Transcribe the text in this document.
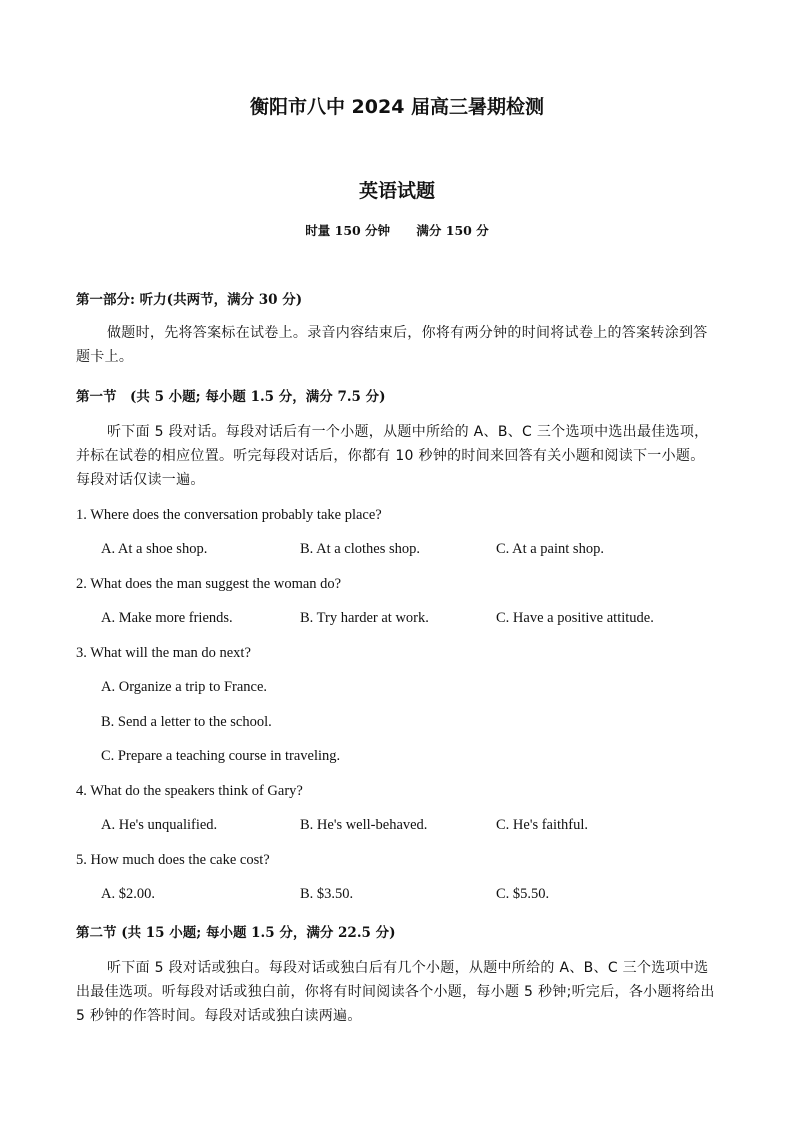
衡阳市八中 2024 届高三暑期检测
英语试题
时量 150 分钟 满分 150 分
第一部分: 听力(共两节，满分 30 分)
做题时，先将答案标在试卷上。录音内容结束后，你将有两分钟的时间将试卷上的答案转涂到答题卡上。
第一节　(共 5 小题; 每小题 1.5 分，满分 7.5 分)
听下面 5 段对话。每段对话后有一个小题，从题中所给的 A、B、C 三个选项中选出最佳选项，并标在试卷的相应位置。听完每段对话后，你都有 10 秒钟的时间来回答有关小题和阅读下一小题。每段对话仅读一遍。
1. Where does the conversation probably take place?
A. At a shoe shop.	B. At a clothes shop.	C. At a paint shop.
2. What does the man suggest the woman do?
A. Make more friends.	B. Try harder at work.	C. Have a positive attitude.
3. What will the man do next?
A. Organize a trip to France.
B. Send a letter to the school.
C. Prepare a teaching course in traveling.
4. What do the speakers think of Gary?
A. He's unqualified.	B. He's well-behaved.	C. He's faithful.
5. How much does the cake cost?
A. $2.00.	B. $3.50.	C. $5.50.
第二节 (共 15 小题; 每小题 1.5 分，满分 22.5 分)
听下面 5 段对话或独白。每段对话或独白后有几个小题，从题中所给的 A、B、C 三个选项中选出最佳选项。听每段对话或独白前，你将有时间阅读各个小题，每小题 5 秒钟;听完后，各小题将给出 5 秒钟的作答时间。每段对话或独白读两遍。
